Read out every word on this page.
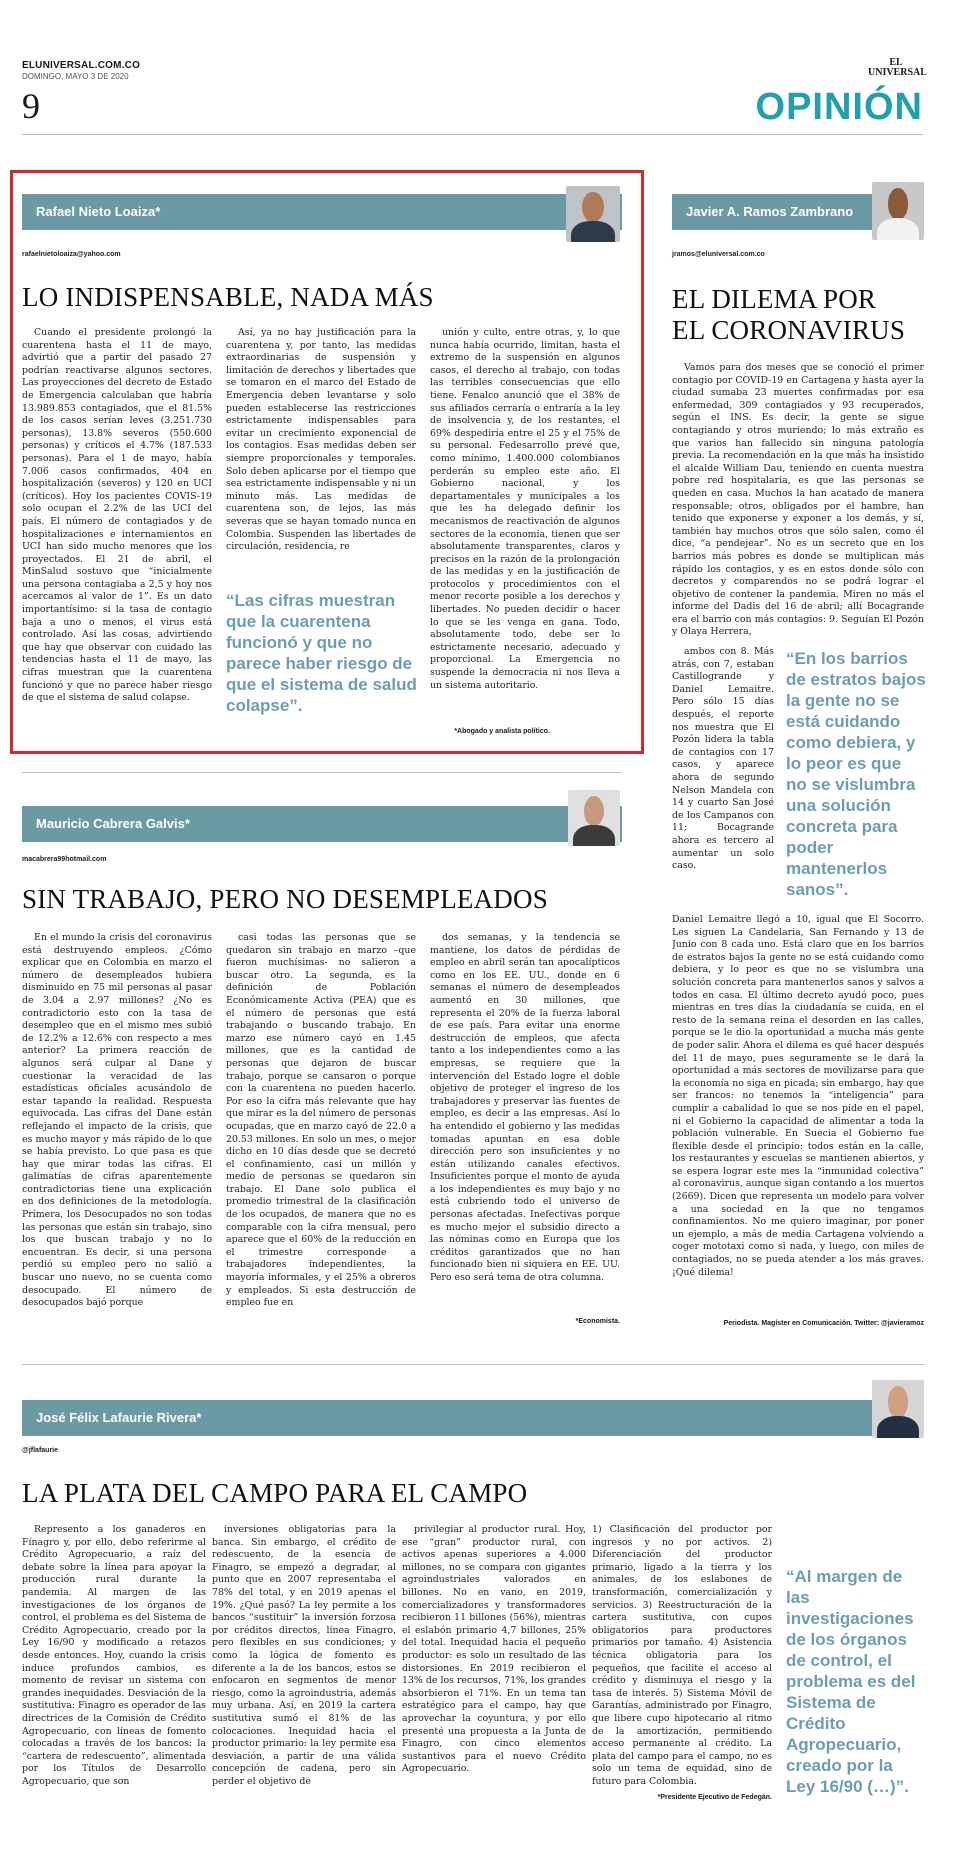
ELUNIVERSAL.COM.CO
DOMINGO, MAYO 3 DE 2020
9
EL
UNIVERSAL
OPINIÓN
Rafael Nieto Loaiza*
rafaelnietoloaiza@yahoo.com
LO INDISPENSABLE, NADA MÁS

Cuando el presidente prolongó la cuarentena hasta el 11 de mayo, advirtió que a partir del pasado 27 podrían reactivarse algunos sectores. Las proyecciones del decreto de Estado de Emergencia calculaban que habría 13.989.853 contagiados, que el 81.5% de los casos serían leves (3.251.730 personas), 13.8% severos (550.600 personas) y críticos el 4.7% (187.533 personas). Para el 1 de mayo, había 7.006 casos confirmados, 404 en hospitalización (severos) y 120 en UCI (críticos). Hoy los pacientes COVIS-19 solo ocupan el 2.2% de las UCI del país. El número de contagiados y de hospitalizaciones e internamientos en UCI han sido mucho menores que los proyectados. El 21 de abril, el MinSalud sostuvo que “inicialmente una persona contagiaba a 2,5 y hoy nos acercamos al valor de 1”. Es un dato importantísimo: si la tasa de contagio baja a uno o menos, el virus está controlado. Así las cosas, advirtiendo que hay que observar con cuidado las tendencias hasta el 11 de mayo, las cifras muestran que la cuarentena funcionó y que no parece haber riesgo de que el sistema de salud colapse.

Así, ya no hay justificación para la cuarentena y, por tanto, las medidas extraordinarias de suspensión y limitación de derechos y libertades que se tomaron en el marco del Estado de Emergencia deben levantarse y solo pueden establecerse las restricciones estrictamente indispensables para evitar un crecimiento exponencial de los contagios. Esas medidas deben ser siempre proporcionales y temporales. Solo deben aplicarse por el tiempo que sea estrictamente indispensable y ni un minuto más. Las medidas de cuarentena son, de lejos, las más severas que se hayan tomado nunca en Colombia. Suspenden las libertades de circulación, residencia, re

“Las cifras muestran que la cuarentena funcionó y que no parece haber riesgo de que el sistema de salud colapse”.

unión y culto, entre otras, y, lo que nunca había ocurrido, limitan, hasta el extremo de la suspensión en algunos casos, el derecho al trabajo, con todas las terribles consecuencias que ello tiene. Fenalco anunció que el 38% de sus afiliados cerraría o entraría a la ley de insolvencia y, de los restantes, el 69% despediría entre el 25 y el 75% de su personal. Fedesarrollo prevé que, como mínimo, 1.400.000 colombianos perderán su empleo este año. El Gobierno nacional, y los departamentales y municipales a los que les ha delegado definir los mecanismos de reactivación de algunos sectores de la economía, tienen que ser absolutamente transparentes, claros y precisos en la razón de la prolongación de las medidas y en la justificación de protocolos y procedimientos con el menor recorte posible a los derechos y libertades. No pueden decidir o hacer lo que se les venga en gana. Todo, absolutamente todo, debe ser lo estrictamente necesario, adecuado y proporcional. La Emergencia no suspende la democracia ni nos lleva a un sistema autoritario.

*Abogado y analista político.
Javier A. Ramos Zambrano
jramos@eluniversal.com.co
EL DILEMA POR
EL CORONAVIRUS

Vamos para dos meses que se conoció el primer contagio por COVID-19 en Cartagena y hasta ayer la ciudad sumaba 23 muertes confirmadas por esa enfermedad, 309 contagiados y 93 recuperados, según el INS. Es decir, la gente se sigue contagiando y otros muriendo; lo más extraño es que varios han fallecido sin ninguna patología previa. La recomendación en la que más ha insistido el alcalde William Dau, teniendo en cuenta nuestra pobre red hospitalaria, es que las personas se queden en casa. Muchos la han acatado de manera responsable; otros, obligados por el hambre, han tenido que exponerse y exponer a los demás, y sí, también hay muchos otros que sólo salen, como él dice, “a pendejear”. No es un secreto que en los barrios más pobres es donde se multiplican más rápido los contagios, y es en estos donde sólo con decretos y comparendos no se podrá lograr el objetivo de contener la pandemia. Miren no más el informe del Dadis del 16 de abril; allí Bocagrande era el barrio con más contagios: 9. Seguían El Pozón y Olaya Herrera,

ambos con 8. Más atrás, con 7, estaban Castillogrande y Daniel Lemaitre. Pero sólo 15 días después, el reporte nos muestra que El Pozón lidera la tabla de contagios con 17 casos, y aparece ahora de segundo Nelson Mandela con 14 y cuarto San José de los Campanos con 11; Bocagrande ahora es tercero al aumentar un solo caso.

“En los barrios de estratos bajos la gente no se está cuidando como debiera, y lo peor es que no se vislumbra una solución concreta para poder mantenerlos sanos”.

Daniel Lemaitre llegó a 10, igual que El Socorro. Les siguen La Candelaria, San Fernando y 13 de Junio con 8 cada uno. Está claro que en los barrios de estratos bajos la gente no se está cuidando como debiera, y lo peor es que no se vislumbra una solución concreta para mantenerlos sanos y salvos a todos en casa. El último decreto ayudó poco, pues mientras en tres días la ciudadanía se cuida, en el resto de la semana reina el desorden en las calles, porque se le dio la oportunidad a mucha más gente de poder salir. Ahora el dilema es qué hacer después del 11 de mayo, pues seguramente se le dará la oportunidad a más sectores de movilizarse para que la economía no siga en picada; sin embargo, hay que ser francos: no tenemos la “inteligencia” para cumplir a cabalidad lo que se nos pide en el papel, ni el Gobierno la capacidad de alimentar a toda la población vulnerable. En Suecia el Gobierno fue flexible desde el principio: todos están en la calle, los restaurantes y escuelas se mantienen abiertos, y se espera lograr este mes la “inmunidad colectiva” al coronavirus, aunque sigan contando a los muertos (2669). Dicen que representa un modelo para volver a una sociedad en la que no tengamos confinamientos. No me quiero imaginar, por poner un ejemplo, a más de media Cartagena volviendo a coger mototaxi como si nada, y luego, con miles de contagiados, no se pueda atender a los más graves. ¡Qué dilema!

Periodista. Magíster en Comunicación. Twitter: @javieramoz
Mauricio Cabrera Galvis*
macabrera99hotmail.com
SIN TRABAJO, PERO NO DESEMPLEADOS

En el mundo la crisis del coronavirus está destruyendo empleos. ¿Cómo explicar que en Colombia en marzo el número de desempleados hubiera disminuido en 75 mil personas al pasar de 3.04 a 2.97 millones? ¿No es contradictorio esto con la tasa de desempleo que en el mismo mes subió de 12.2% a 12.6% con respecto a mes anterior? La primera reacción de algunos será culpar al Dane y cuestionar la veracidad de las estadísticas oficiales acusándolo de estar tapando la realidad. Respuesta equivocada. Las cifras del Dane están reflejando el impacto de la crisis, que es mucho mayor y más rápido de lo que se había previsto. Lo que pasa es que hay que mirar todas las cifras. El galimatías de cifras aparentemente contradictorias tiene una explicación en dos definiciones de la metodología. Primera, los Desocupados no son todas las personas que están sin trabajo, sino los que buscan trabajo y no lo encuentran. Es decir, si una persona perdió su empleo pero no salió a buscar uno nuevo, no se cuenta como desocupado. El número de desocupados bajó porque

casi todas las personas que se quedaron sin trabajo en marzo –que fueron muchísimas- no salieron a buscar otro. La segunda, es la definición de Población Económicamente Activa (PEA) que es el número de personas que está trabajando o buscando trabajo. En marzo ese número cayó en 1.45 millones, que es la cantidad de personas que dejaron de buscar trabajo, porque se cansaron o porque con la cuarentena no pueden hacerlo. Por eso la cifra más relevante que hay que mirar es la del número de personas ocupadas, que en marzo cayó de 22.0 a 20.53 millones. En solo un mes, o mejor dicho en 10 días desde que se decretó el confinamiento, casi un millón y medio de personas se quedaron sin trabajo. El Dane solo publica el promedio trimestral de la clasificación de los ocupados, de manera que no es comparable con la cifra mensual, pero aparece que el 60% de la reducción en el trimestre corresponde a trabajadores independientes, la mayoría informales, y el 25% a obreros y empleados. Si esta destrucción de empleo fue en

dos semanas, y la tendencia se mantiene, los datos de pérdidas de empleo en abril serán tan apocalípticos como en los EE. UU., donde en 6 semanas el número de desempleados aumentó en 30 millones, que representa el 20% de la fuerza laboral de ese país. Para evitar una enorme destrucción de empleos, que afecta tanto a los independientes como a las empresas, se requiere que la intervención del Estado logre el doble objetivo de proteger el ingreso de los trabajadores y preservar las fuentes de empleo, es decir a las empresas. Así lo ha entendido el gobierno y las medidas tomadas apuntan en esa doble dirección pero son insuficientes y no están utilizando canales efectivos. Insuficientes porque el monto de ayuda a los independientes es muy bajo y no está cubriendo todo el universo de personas afectadas. Inefectivas porque es mucho mejor el subsidio directo a las nóminas como en Europa que los créditos garantizados que no han funcionado bien ni siquiera en EE. UU. Pero eso será tema de otra columna.

*Economista.
José Félix Lafaurie Rivera*
@jflafaurie
LA PLATA DEL CAMPO PARA EL CAMPO

Represento a los ganaderos en Fínagro y, por ello, debo referirme al Crédito Agropecuario, a raíz del debate sobre la línea para apoyar la producción rural durante la pandemia. Al margen de las investigaciones de los órganos de control, el problema es del Sistema de Crédito Agropecuario, creado por la Ley 16/90 y modificado a retazos desde entonces. Hoy, cuando la crisis induce profundos cambios, es momento de revisar un sistema con grandes inequidades. Desviación de la sustitutiva: Finagro es operador de las directrices de la Comisión de Crédito Agropecuario, con líneas de fomento colocadas a través de los bancos: la “cartera de redescuento”, alimentada por los Títulos de Desarrollo Agropecuario, que son

inversiones obligatorias para la banca. Sin embargo, el crédito de redescuento, de la esencia de Finagro, se empezó a degradar, al punto que en 2007 representaba el 78% del total, y en 2019 apenas el 19%. ¿Qué pasó? La ley permite a los bancos “sustituir” la inversión forzosa por créditos directos, línea Finagro, pero flexibles en sus condiciones; y como la lógica de fomento es diferente a la de los bancos, estos se enfocaron en segmentos de menor riesgo, como la agroindustria, además muy urbana. Así, en 2019 la cartera sustitutiva sumó el 81% de las colocaciones. Inequidad hacia el productor primario: la ley permite esa desviación, a partir de una válida concepción de cadena, pero sin perder el objetivo de

privilegiar al productor rural. Hoy, ese “gran” productor rural, con activos apenas superiores a 4.000 millones, no se compara con gigantes agroindustriales valorados en billones. No en vano, en 2019, comercializadores y transformadores recibieron 11 billones (56%), mientras el eslabón primario 4,7 billones, 25% del total. Inequidad hacia el pequeño productor: es solo un resultado de las distorsiones. En 2019 recibieron el 13% de los recursos, 71%, los grandes absorbieron el 71%. En un tema tan estratégico para el campo, hay que aprovechar la coyuntura, y por ello presenté una propuesta a la Junta de Finagro, con cinco elementos sustantivos para el nuevo Crédito Agropecuario.

1) Clasificación del productor por ingresos y no por activos. 2) Diferenciación del productor primario, ligado a la tierra y los animales, de los eslabones de transformación, comercialización y servicios. 3) Reestructuración de la cartera sustitutiva, con cupos obligatorios para productores primarios por tamaño. 4) Asistencia técnica obligatoria para los pequeños, que facilite el acceso al crédito y disminuya el riesgo y la tasa de interés. 5) Sistema Móvil de Garantías, administrado por Finagro, que libere cupo hipotecario al ritmo de la amortización, permitiendo acceso permanente al crédito. La plata del campo para el campo, no es solo un tema de equidad, sino de futuro para Colombia.

*Presidente Ejecutivo de Fedegán.
“Al margen de las investigaciones de los órganos de control, el problema es del Sistema de Crédito Agropecuario, creado por la Ley 16/90 (…)”.
